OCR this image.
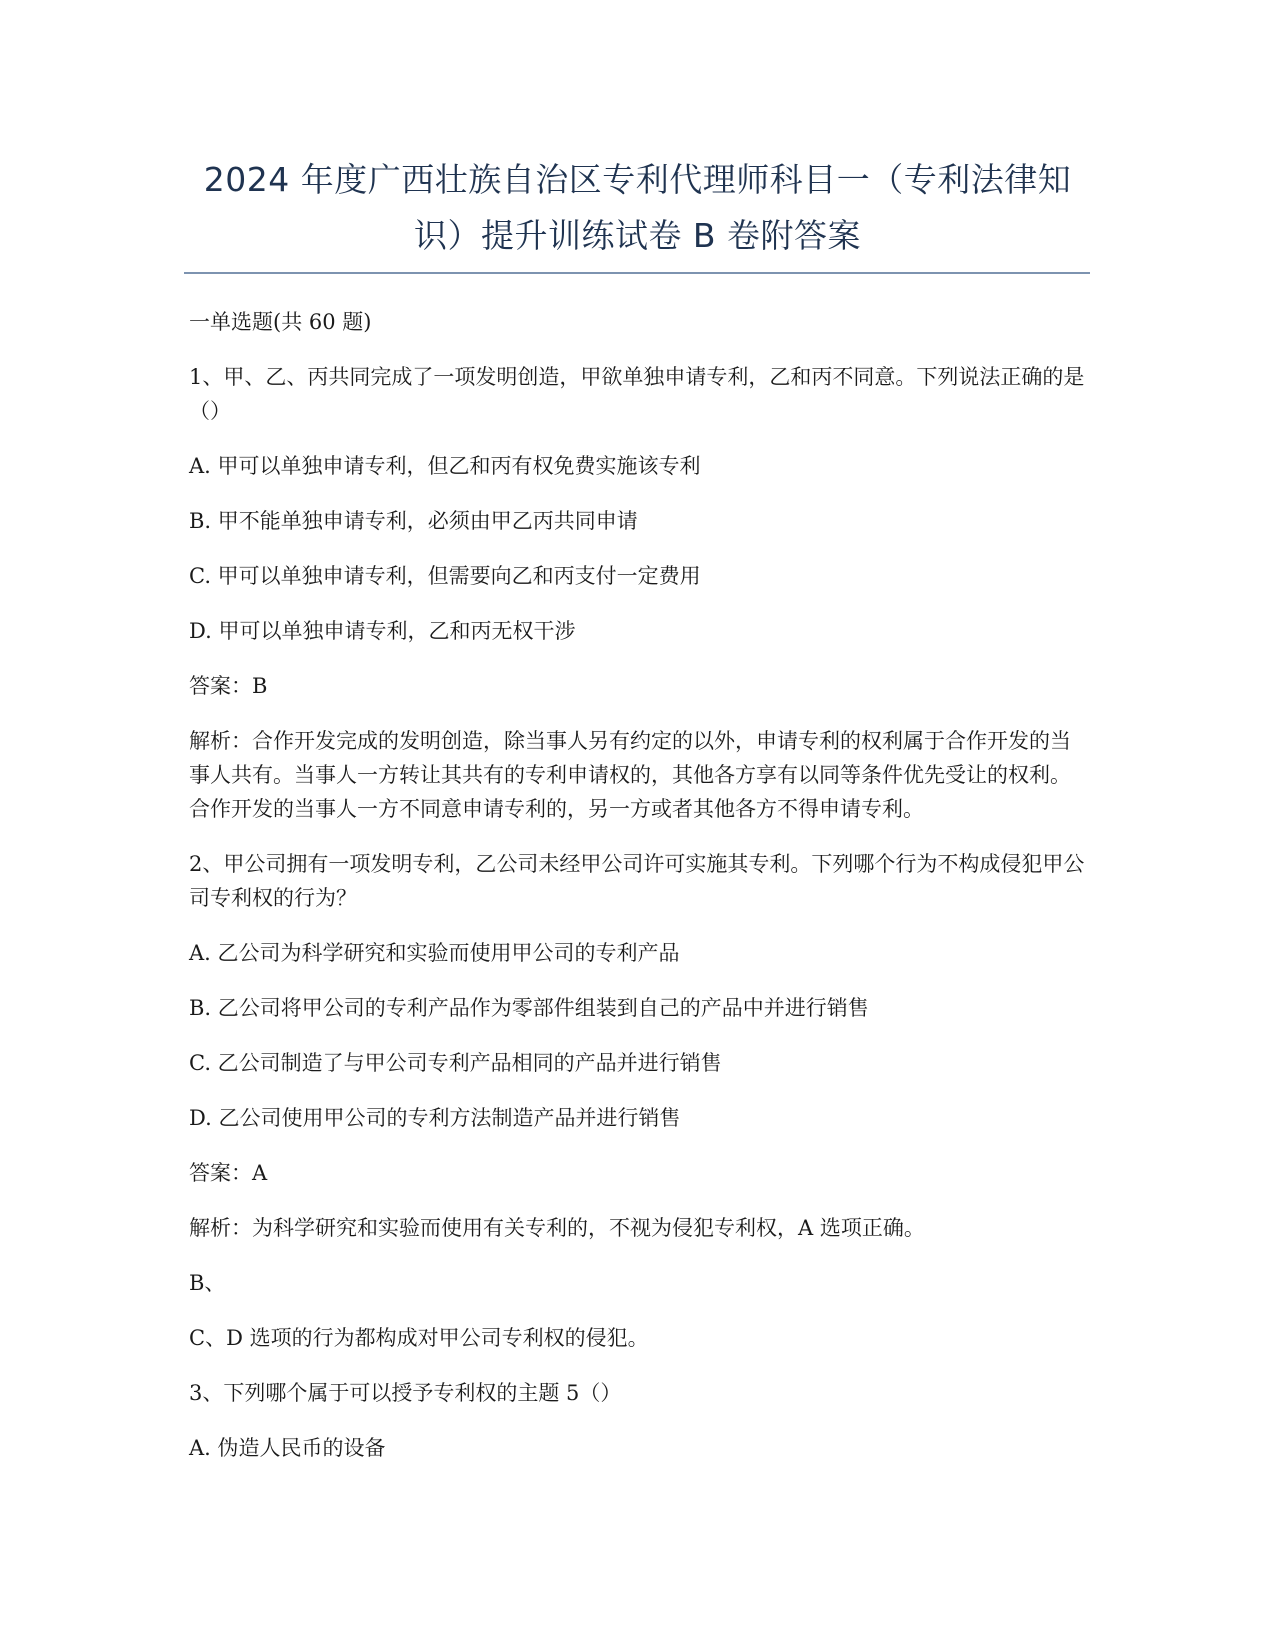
2024 年度广西壮族自治区专利代理师科目一（专利法律知
识）提升训练试卷 B 卷附答案

一单选题(共 60 题)

1、甲、乙、丙共同完成了一项发明创造，甲欲单独申请专利，乙和丙不同意。下列说法正确的是（）

A. 甲可以单独申请专利，但乙和丙有权免费实施该专利

B. 甲不能单独申请专利，必须由甲乙丙共同申请

C. 甲可以单独申请专利，但需要向乙和丙支付一定费用

D. 甲可以单独申请专利，乙和丙无权干涉

答案：B

解析：合作开发完成的发明创造，除当事人另有约定的以外，申请专利的权利属于合作开发的当事人共有。当事人一方转让其共有的专利申请权的，其他各方享有以同等条件优先受让的权利。合作开发的当事人一方不同意申请专利的，另一方或者其他各方不得申请专利。

2、甲公司拥有一项发明专利，乙公司未经甲公司许可实施其专利。下列哪个行为不构成侵犯甲公司专利权的行为？

A. 乙公司为科学研究和实验而使用甲公司的专利产品

B. 乙公司将甲公司的专利产品作为零部件组装到自己的产品中并进行销售

C. 乙公司制造了与甲公司专利产品相同的产品并进行销售

D. 乙公司使用甲公司的专利方法制造产品并进行销售

答案：A

解析：为科学研究和实验而使用有关专利的，不视为侵犯专利权，A 选项正确。

B、

C、D 选项的行为都构成对甲公司专利权的侵犯。

3、下列哪个属于可以授予专利权的主题 5（）

A. 伪造人民币的设备
